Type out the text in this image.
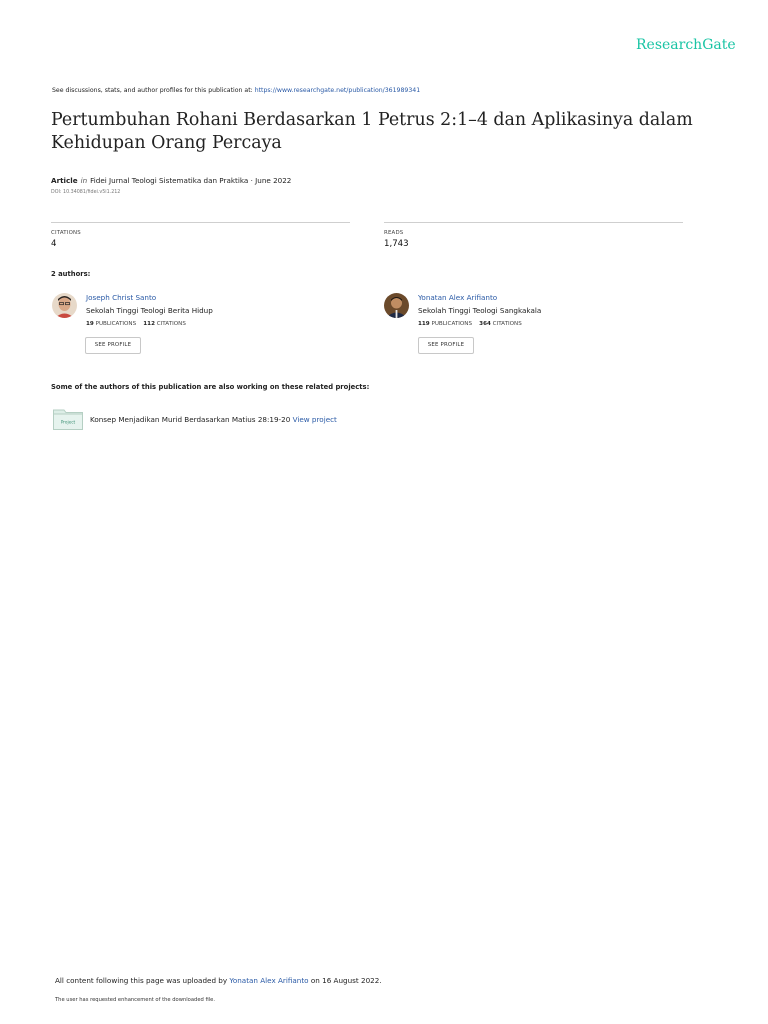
ResearchGate
See discussions, stats, and author profiles for this publication at: https://www.researchgate.net/publication/361989341
Pertumbuhan Rohani Berdasarkan 1 Petrus 2:1–4 dan Aplikasinya dalam Kehidupan Orang Percaya
Article in Fidei Jurnal Teologi Sistematika dan Praktika · June 2022
DOI: 10.34081/fidei.v5i1.212
CITATIONS
4
READS
1,743
2 authors:
Joseph Christ Santo
Sekolah Tinggi Teologi Berita Hidup
19 PUBLICATIONS 112 CITATIONS
SEE PROFILE
Yonatan Alex Arifianto
Sekolah Tinggi Teologi Sangkakala
119 PUBLICATIONS 364 CITATIONS
SEE PROFILE
Some of the authors of this publication are also working on these related projects:
Project Konsep Menjadikan Murid Berdasarkan Matius 28:19-20 View project
All content following this page was uploaded by Yonatan Alex Arifianto on 16 August 2022.
The user has requested enhancement of the downloaded file.
